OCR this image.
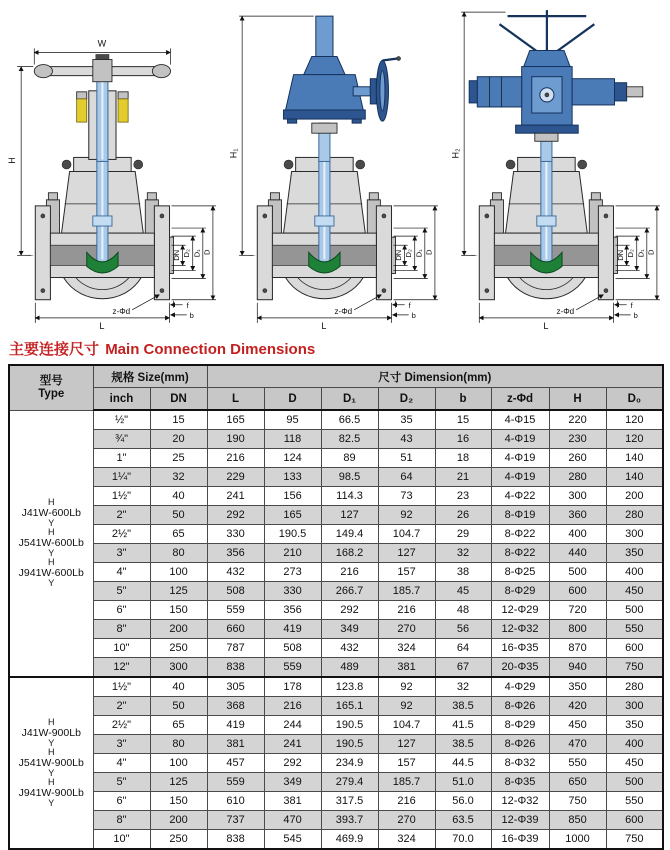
W
H
H₁	H₂
主要连接尺寸 Main Connection Dimensions
型号
Type	规格 Size(mm)		尺寸 Dimension(mm)							
	inch	DN	L	D	D₁	D₂	b	z-Φd	H	D₀

H
J41W-600Lb
Y
H
J541W-600Lb
Y
H
J941W-600Lb
Y
	½"	15	165	95	66.5	35	15	4-Φ15	220	120
	¾"	20	190	118	82.5	43	16	4-Φ19	230	120
	1"	25	216	124	89	51	18	4-Φ19	260	140
	1¼"	32	229	133	98.5	64	21	4-Φ19	280	140
	1½"	40	241	156	114.3	73	23	4-Φ22	300	200
	2"	50	292	165	127	92	26	8-Φ19	360	280
	2½"	65	330	190.5	149.4	104.7	29	8-Φ22	400	300
	3"	80	356	210	168.2	127	32	8-Φ22	440	350
	4"	100	432	273	216	157	38	8-Φ25	500	400
	5"	125	508	330	266.7	185.7	45	8-Φ29	600	450
	6"	150	559	356	292	216	48	12-Φ29	720	500
	8"	200	660	419	349	270	56	12-Φ32	800	550
	10"	250	787	508	432	324	64	16-Φ35	870	600
	12"	300	838	559	489	381	67	20-Φ35	940	750

H
J41W-900Lb
Y
H
J541W-900Lb
Y
H
J941W-900Lb
Y
	1½"	40	305	178	123.8	92	32	4-Φ29	350	280
	2"	50	368	216	165.1	92	38.5	8-Φ26	420	300
	2½"	65	419	244	190.5	104.7	41.5	8-Φ29	450	350
	3"	80	381	241	190.5	127	38.5	8-Φ26	470	400
	4"	100	457	292	234.9	157	44.5	8-Φ32	550	450
	5"	125	559	349	279.4	185.7	51.0	8-Φ35	650	500
	6"	150	610	381	317.5	216	56.0	12-Φ32	750	550
	8"	200	737	470	393.7	270	63.5	12-Φ39	850	600
	10"	250	838	545	469.9	324	70.0	16-Φ39	1000	750
